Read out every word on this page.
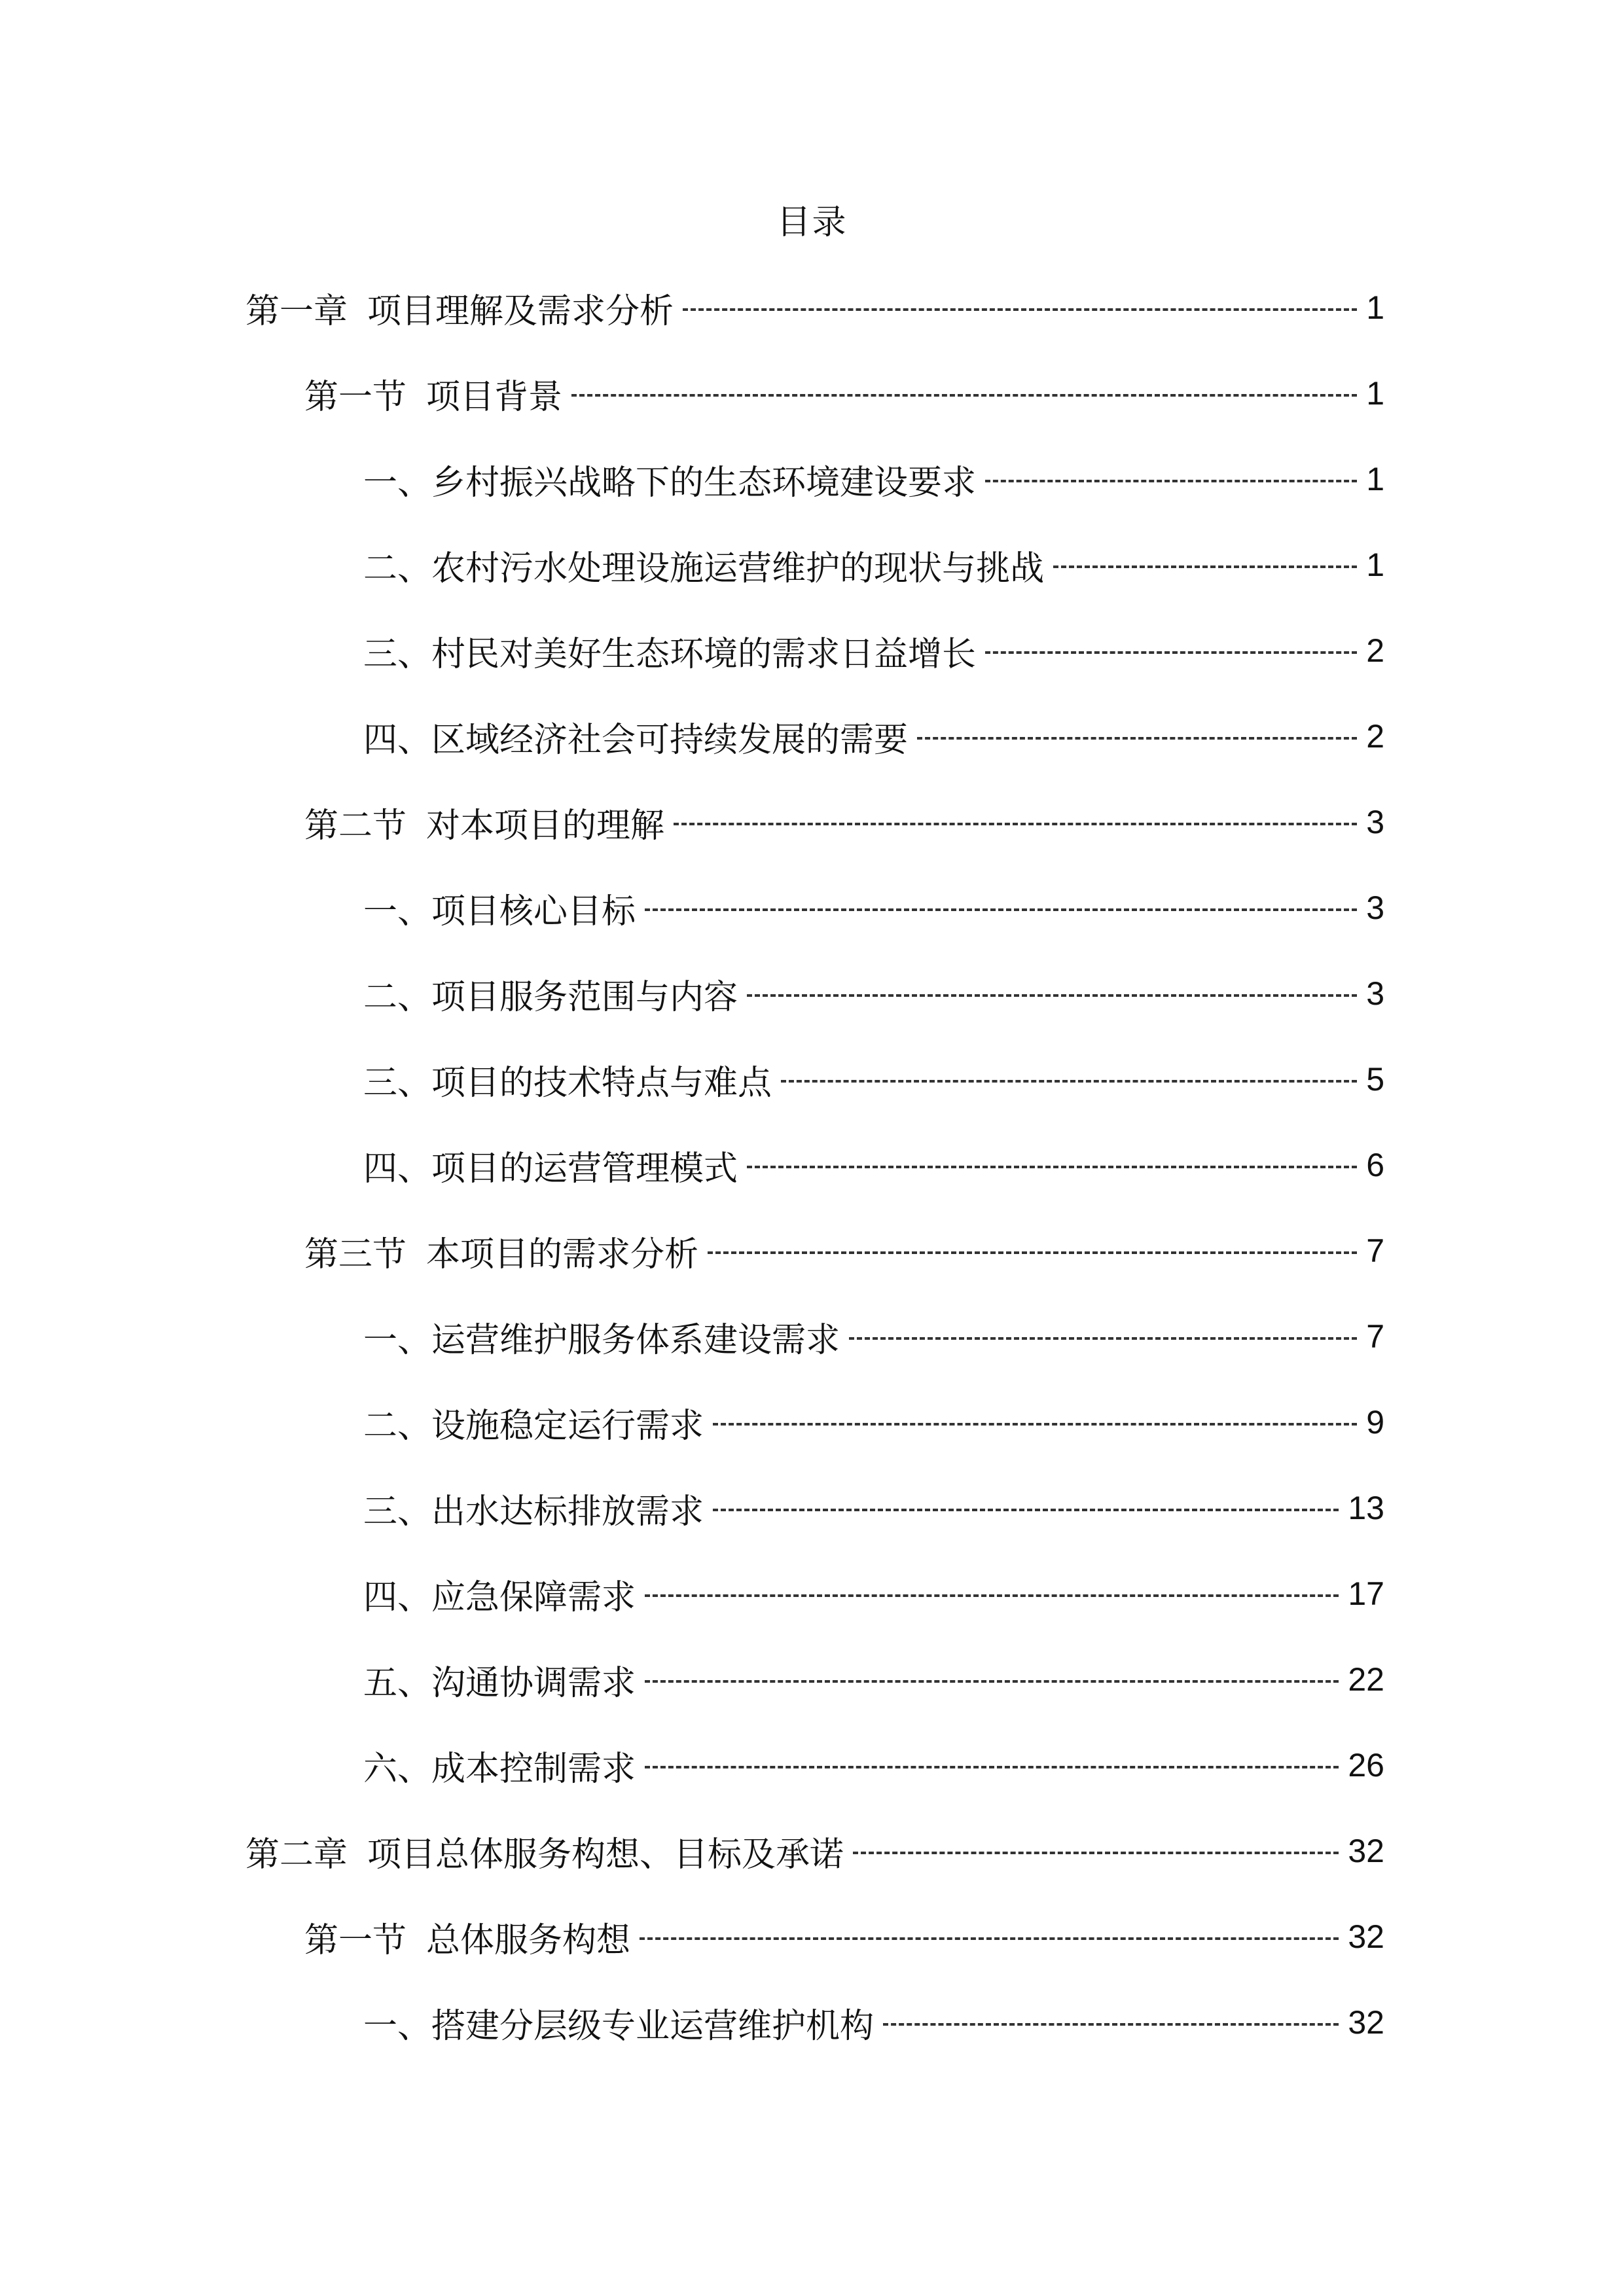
目录
第一章 项目理解及需求分析	1
第一节 项目背景	1
一、乡村振兴战略下的生态环境建设要求	1
二、农村污水处理设施运营维护的现状与挑战	1
三、村民对美好生态环境的需求日益增长	2
四、区域经济社会可持续发展的需要	2
第二节 对本项目的理解	3
一、项目核心目标	3
二、项目服务范围与内容	3
三、项目的技术特点与难点	5
四、项目的运营管理模式	6
第三节 本项目的需求分析	7
一、运营维护服务体系建设需求	7
二、设施稳定运行需求	9
三、出水达标排放需求	13
四、应急保障需求	17
五、沟通协调需求	22
六、成本控制需求	26
第二章 项目总体服务构想、目标及承诺	32
第一节 总体服务构想	32
一、搭建分层级专业运营维护机构	32
